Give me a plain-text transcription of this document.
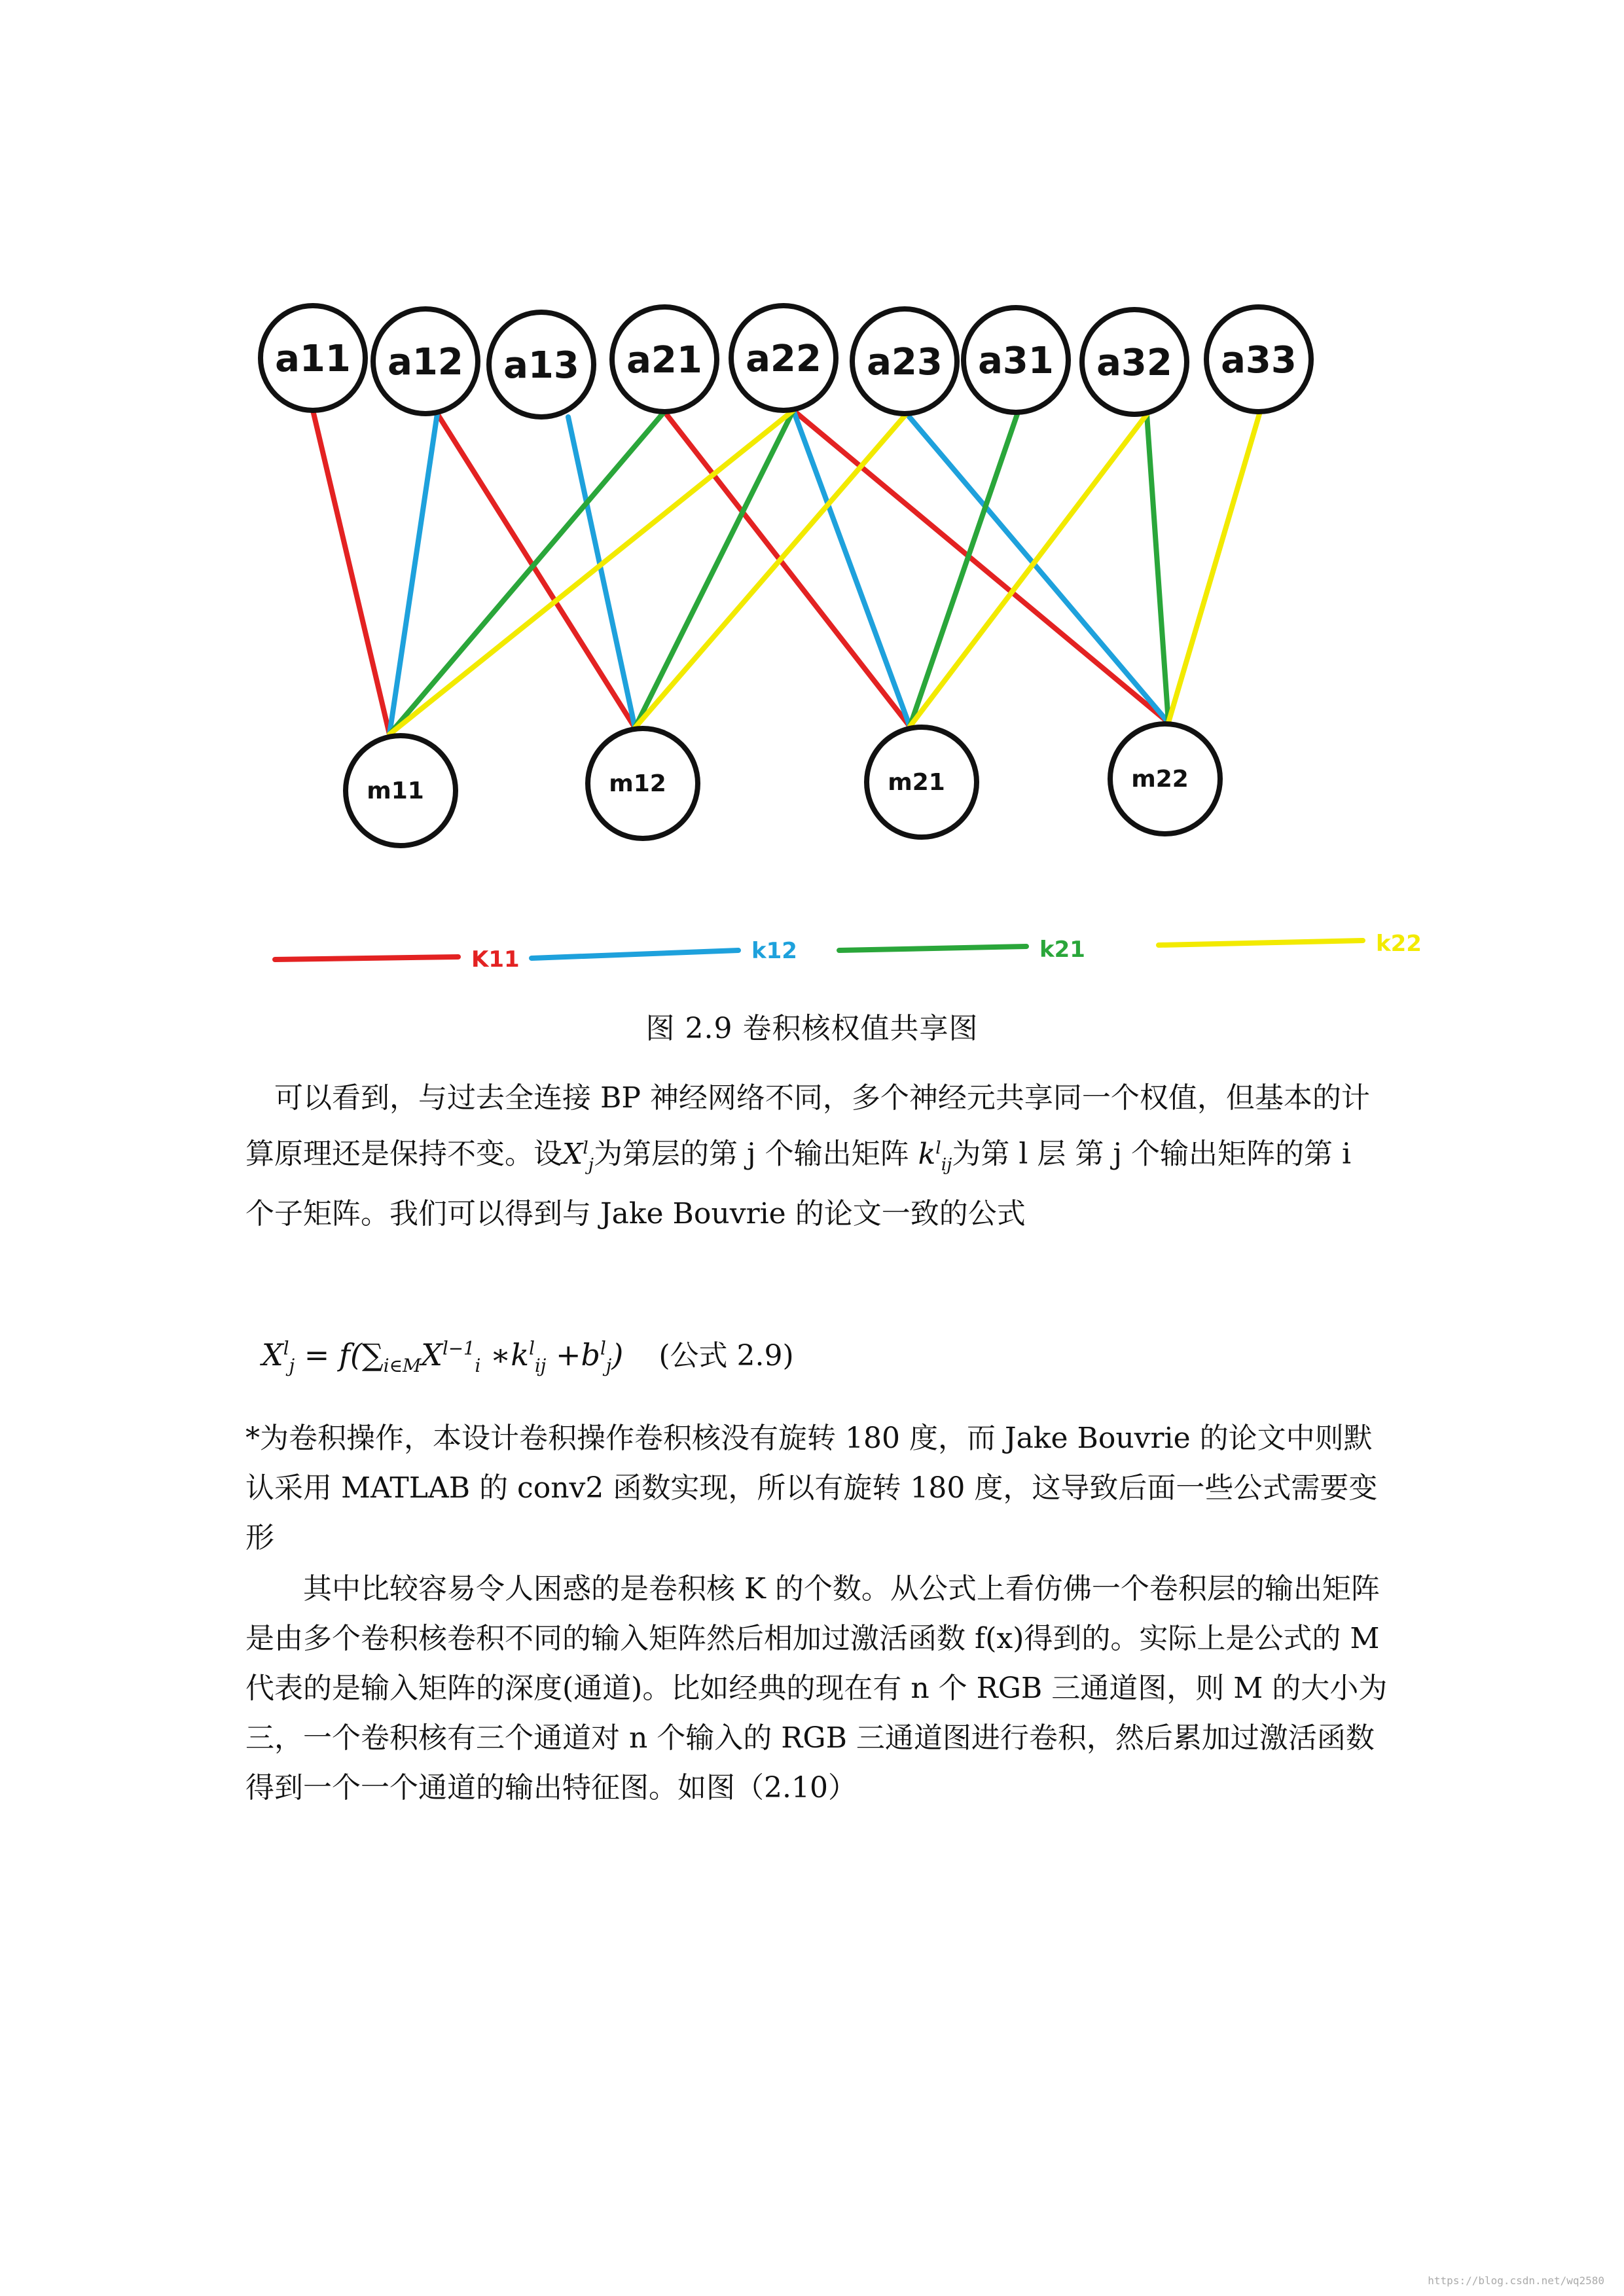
a11 a12 a13 a21 a22 a23 a31 a32 a33
m11	m12	m21	m22
K11	k12	k21	k22
图 2.9 卷积核权值共享图

可以看到，与过去全连接 BP 神经网络不同，多个神经元共享同一个权值，但基本的计算原理还是保持不变。设$X^l_j$为第层的第 j 个输出矩阵 $k^l_{ij}$为第 l 层 第 j 个输出矩阵的第 i 个子矩阵。我们可以得到与 Jake Bouvrie 的论文一致的公式

$X^l_j = f(\sum_{i\in M}X^{l-1}_i$ $∗k^l_{ij} +b^l_j$) (公式 2.9)

*为卷积操作，本设计卷积操作卷积核没有旋转 180 度，而 Jake Bouvrie 的论文中则默认采用 MATLAB 的 conv2 函数实现，所以有旋转 180 度，这导致后面一些公式需要变形

其中比较容易令人困惑的是卷积核 K 的个数。从公式上看仿佛一个卷积层的输出矩阵是由多个卷积核卷积不同的输入矩阵然后相加过激活函数 f(x)得到的。实际上是公式的 M 代表的是输入矩阵的深度(通道)。比如经典的现在有 n 个 RGB 三通道图，则 M 的大小为三，一个卷积核有三个通道对 n 个输入的 RGB 三通道图进行卷积，然后累加过激活函数得到一个一个通道的输出特征图。如图（2.10）

https://blog.csdn.net/wq2580
